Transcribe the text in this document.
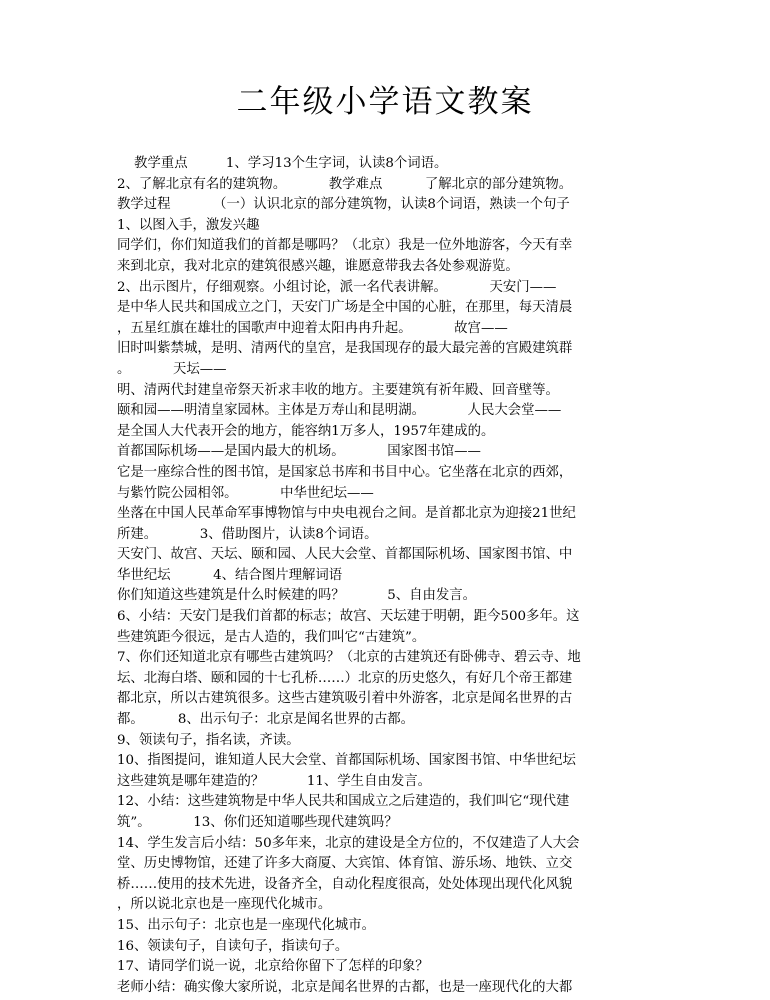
二年级小学语文教案
教学重点         1、学习13个生字词，认读8个词语。
2、了解北京有名的建筑物。          教学难点          了解北京的部分建筑物。
教学过程          （一）认识北京的部分建筑物，认读8个词语，熟读一个句子
1、以图入手，激发兴趣
同学们，你们知道我们的首都是哪吗？（北京）我是一位外地游客，今天有幸
来到北京，我对北京的建筑很感兴趣，谁愿意带我去各处参观游览。
2、出示图片，仔细观察。小组讨论，派一名代表讲解。          天安门——
是中华人民共和国成立之门，天安门广场是全中国的心脏，在那里，每天清晨
，五星红旗在雄壮的国歌声中迎着太阳冉冉升起。          故宫——
旧时叫紫禁城，是明、清两代的皇宫，是我国现存的最大最完善的宫殿建筑群
。          天坛——
明、清两代封建皇帝祭天祈求丰收的地方。主要建筑有祈年殿、回音壁等。
颐和园——明清皇家园林。主体是万寿山和昆明湖。          人民大会堂——
是全国人大代表开会的地方，能容纳1万多人，1957年建成的。
首都国际机场——是国内最大的机场。          国家图书馆——
它是一座综合性的图书馆，是国家总书库和书目中心。它坐落在北京的西郊，
与紫竹院公园相邻。          中华世纪坛——
坐落在中国人民革命军事博物馆与中央电视台之间。是首都北京为迎接21世纪
所建。          3、借助图片，认读8个词语。
天安门、故宫、天坛、颐和园、人民大会堂、首都国际机场、国家图书馆、中
华世纪坛          4、结合图片理解词语
你们知道这些建筑是什么时候建的吗？          5、自由发言。
6、小结：天安门是我们首都的标志；故宫、天坛建于明朝，距今500多年。这
些建筑距今很远，是古人造的，我们叫它“古建筑”。
7、你们还知道北京有哪些古建筑吗？（北京的古建筑还有卧佛寺、碧云寺、地
坛、北海白塔、颐和园的十七孔桥……）北京的历史悠久，有好几个帝王都建
都北京，所以古建筑很多。这些古建筑吸引着中外游客，北京是闻名世界的古
都。        8、出示句子：北京是闻名世界的古都。
9、领读句子，指名读，齐读。
10、指图提问，谁知道人民大会堂、首都国际机场、国家图书馆、中华世纪坛
这些建筑是哪年建造的？          11、学生自由发言。
12、小结：这些建筑物是中华人民共和国成立之后建造的，我们叫它“现代建
筑”。          13、你们还知道哪些现代建筑吗？
14、学生发言后小结：50多年来，北京的建设是全方位的，不仅建造了人大会
堂、历史博物馆，还建了许多大商厦、大宾馆、体育馆、游乐场、地铁、立交
桥……使用的技术先进，设备齐全，自动化程度很高，处处体现出现代化风貌
，所以说北京也是一座现代化城市。
15、出示句子：北京也是一座现代化城市。
16、领读句子，自读句子，指读句子。
17、请同学们说一说，北京给你留下了怎样的印象？
老师小结：确实像大家所说，北京是闻名世界的古都，也是一座现代化的大都
